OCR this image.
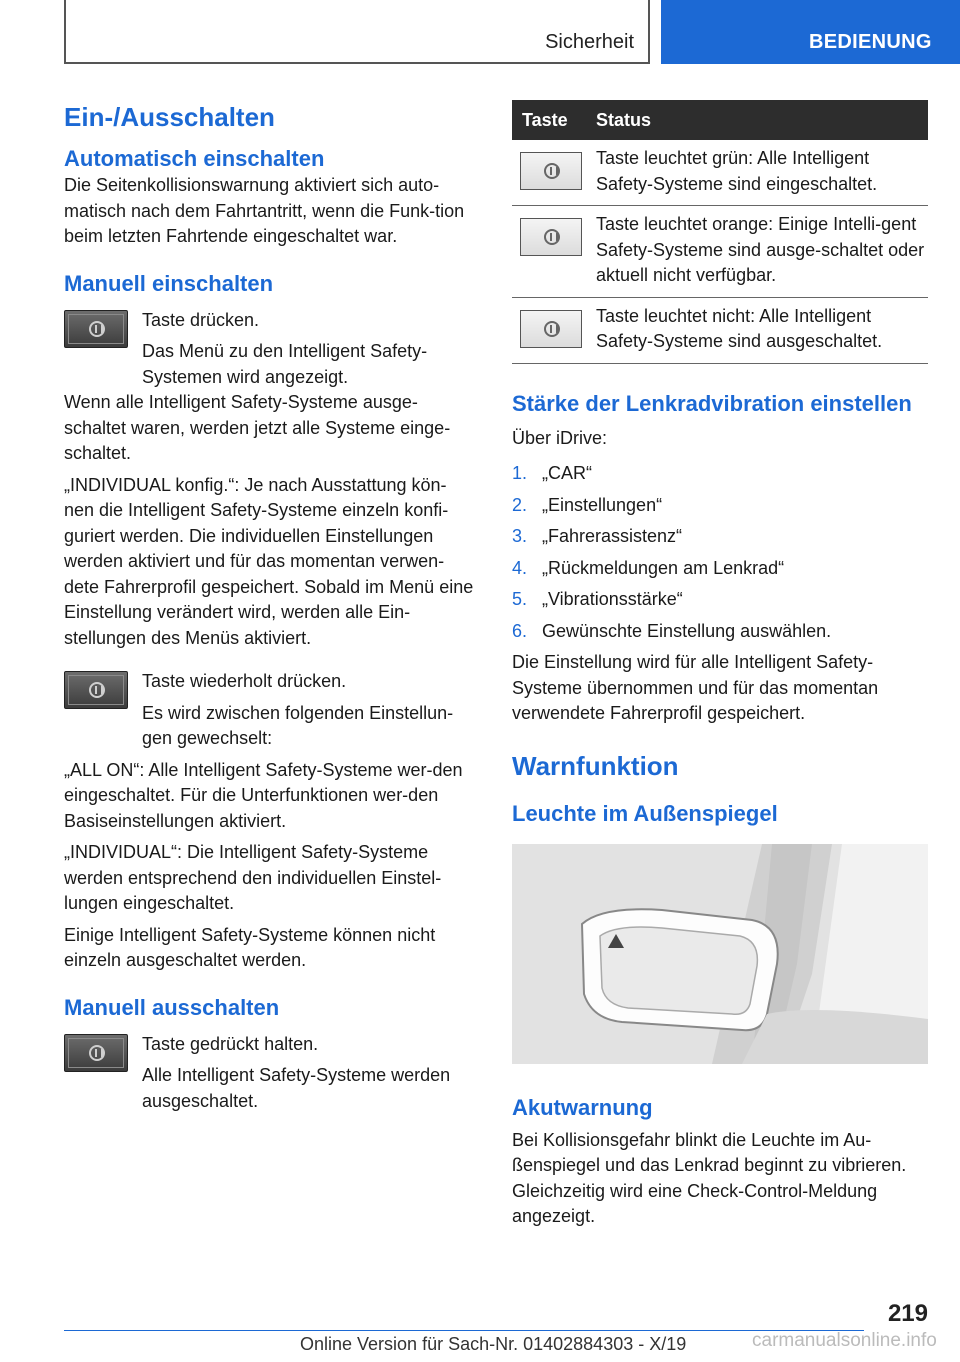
Sicherheit	BEDIENUNG
Ein-/Ausschalten
Automatisch einschalten

Die Seitenkollisionswarnung aktiviert sich auto-matisch nach dem Fahrtantritt, wenn die Funk-tion beim letzten Fahrtende eingeschaltet war.

Manuell einschalten

Taste drücken.

Das Menü zu den Intelligent Safety-Systemen wird angezeigt.

Wenn alle Intelligent Safety-Systeme ausge-schaltet waren, werden jetzt alle Systeme einge-schaltet.

„INDIVIDUAL konfig.“: Je nach Ausstattung kön-nen die Intelligent Safety-Systeme einzeln konfi-guriert werden. Die individuellen Einstellungen werden aktiviert und für das momentan verwen-dete Fahrerprofil gespeichert. Sobald im Menü eine Einstellung verändert wird, werden alle Ein-stellungen des Menüs aktiviert.

Taste wiederholt drücken.

Es wird zwischen folgenden Einstellun-gen gewechselt:

„ALL ON“: Alle Intelligent Safety-Systeme wer-den eingeschaltet. Für die Unterfunktionen wer-den Basiseinstellungen aktiviert.

„INDIVIDUAL“: Die Intelligent Safety-Systeme werden entsprechend den individuellen Einstel-lungen eingeschaltet.

Einige Intelligent Safety-Systeme können nicht einzeln ausgeschaltet werden.

Manuell ausschalten

Taste gedrückt halten.

Alle Intelligent Safety-Systeme werden ausgeschaltet.

Taste	Status

	Taste leuchtet grün: Alle Intelligent Safety-Systeme sind eingeschaltet.

	Taste leuchtet orange: Einige Intelli-gent Safety-Systeme sind ausge-schaltet oder aktuell nicht verfügbar.

	Taste leuchtet nicht: Alle Intelligent Safety-Systeme sind ausgeschaltet.
Stärke der Lenkradvibration einstellen

Über iDrive:

1. „CAR“
2. „Einstellungen“
3. „Fahrerassistenz“
4. „Rückmeldungen am Lenkrad“
5. „Vibrationsstärke“
6. Gewünschte Einstellung auswählen.

Die Einstellung wird für alle Intelligent Safety-Systeme übernommen und für das momentan verwendete Fahrerprofil gespeichert.

Warnfunktion
Leuchte im Außenspiegel
Akutwarnung

Bei Kollisionsgefahr blinkt die Leuchte im Au-ßenspiegel und das Lenkrad beginnt zu vibrieren. Gleichzeitig wird eine Check-Control-Meldung angezeigt.

219
Online Version für Sach-Nr. 01402884303 - X/19	carmanualsonline.info
